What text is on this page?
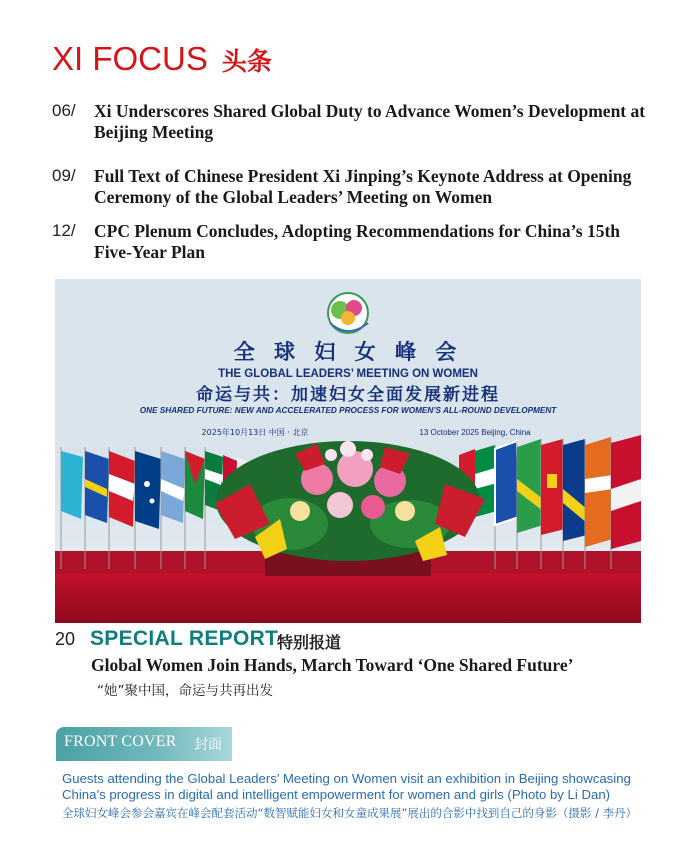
XI FOCUS 头条
06/ Xi Underscores Shared Global Duty to Advance Women’s Development at Beijing Meeting
09/ Full Text of Chinese President Xi Jinping’s Keynote Address at Opening Ceremony of the Global Leaders’ Meeting on Women
12/ CPC Plenum Concludes, Adopting Recommendations for China’s 15th Five-Year Plan
全 球 妇 女 峰 会
THE GLOBAL LEADERS’ MEETING ON WOMEN
命运与共：加速妇女全面发展新进程
ONE SHARED FUTURE: NEW AND ACCELERATED PROCESS FOR WOMEN’S ALL-ROUND DEVELOPMENT
2025年10月13日 中国 · 北京	13 October 2025 Beijing, China
20 SPECIAL REPORT
特别报道
Global Women Join Hands, March Toward ‘One Shared Future’
“她”聚中国，命运与共再出发
FRONT COVER 封面

Guests attending the Global Leaders’ Meeting on Women visit an exhibition in Beijing showcasing China’s progress in digital and intelligent empowerment for women and girls (Photo by Li Dan)

全球妇女峰会参会嘉宾在峰会配套活动“数智赋能妇女和女童成果展”展出的合影中找到自己的身影（摄影 / 李丹）
